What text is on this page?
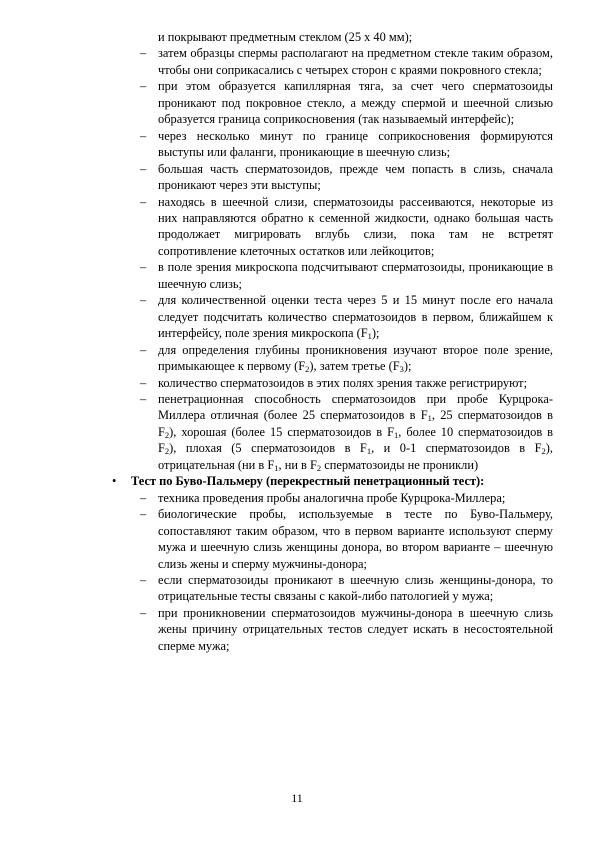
и покрывают предметным стеклом (25 х 40 мм);

– затем образцы спермы располагают на предметном стекле таким образом, чтобы они соприкасались с четырех сторон с краями покровного стекла;
– при этом образуется капиллярная тяга, за счет чего сперматозоиды проникают под покровное стекло, а между спермой и шеечной слизью образуется граница соприкосновения (так называемый интерфейс);
– через несколько минут по границе соприкосновения формируются выступы или фаланги, проникающие в шеечную слизь;
– большая часть сперматозоидов, прежде чем попасть в слизь, сначала проникают через эти выступы;
– находясь в шеечной слизи, сперматозоиды рассеиваются, некоторые из них направляются обратно к семенной жидкости, однако большая часть продолжает мигрировать вглубь слизи, пока там не встретят сопротивление клеточных остатков или лейкоцитов;
– в поле зрения микроскопа подсчитывают сперматозоиды, проникающие в шеечную слизь;
– для количественной оценки теста через 5 и 15 минут после его начала следует подсчитать количество сперматозоидов в первом, ближайшем к интерфейсу, поле зрения микроскопа $(F_1)$;
– для определения глубины проникновения изучают второе поле зрение, примыкающее к первому $(F_2)$, затем третье $(F_3)$;
– количество сперматозоидов в этих полях зрения также регистрируют;
– пенетрационная способность сперматозоидов при пробе Курцрока-Миллера отличная (более 25 сперматозоидов в $F_1$, 25 сперматозоидов в $F_2$), хорошая (более 15 сперматозоидов в $F_1$, более 10 сперматозоидов в $F_2$), плохая (5 сперматозоидов в $F_1$, и 0-1 сперматозоидов в $F_2$), отрицательная (ни в $F_1$, ни в $F_2$ сперматозоиды не проникли)
•	Тест по Буво-Пальмеру (перекрестный пенетрационный тест):
– техника проведения пробы аналогична пробе Курцрока-Миллера;
– биологические пробы, используемые в тесте по Буво-Пальмеру, сопоставляют таким образом, что в первом варианте используют сперму мужа и шеечную слизь женщины донора, во втором варианте – шеечную слизь жены и сперму мужчины-донора;
– если сперматозоиды проникают в шеечную слизь женщины-донора, то отрицательные тесты связаны с какой-либо патологией у мужа;
– при проникновении сперматозоидов мужчины-донора в шеечную слизь жены причину отрицательных тестов следует искать в несостоятельной сперме мужа;
11
